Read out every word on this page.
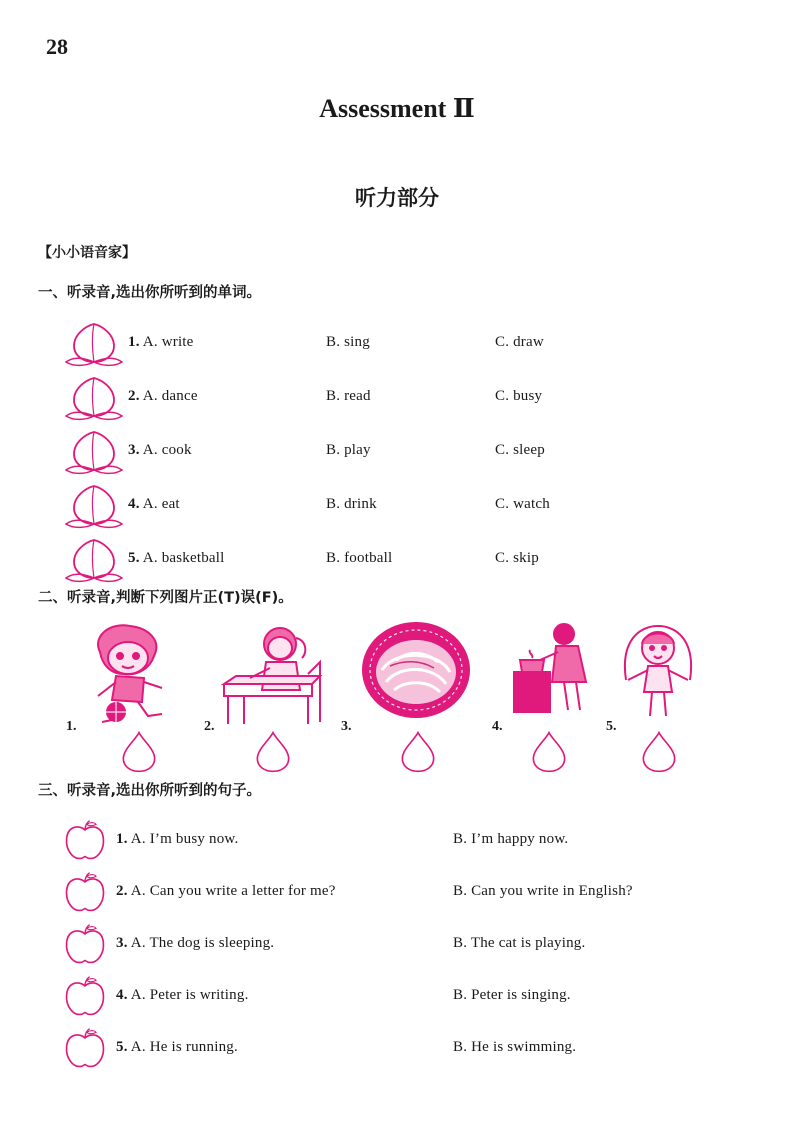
28
Assessment Ⅱ
听力部分
【小小语音家】
一、听录音,选出你所听到的单词。
1. A. write	B. sing	C. draw
2. A. dance	B. read	C. busy
3. A. cook	B. play	C. sleep
4. A. eat	B. drink	C. watch
5. A. basketball	B. football	C. skip
二、听录音,判断下列图片正(T)误(F)。
1.	2.	3.	4.	5.
三、听录音,选出你所听到的句子。
1. A. I’m busy now.	B. I’m happy now.
2. A. Can you write a letter for me?	B. Can you write in English?
3. A. The dog is sleeping.	B. The cat is playing.
4. A. Peter is writing.	B. Peter is singing.
5. A. He is running.	B. He is swimming.
